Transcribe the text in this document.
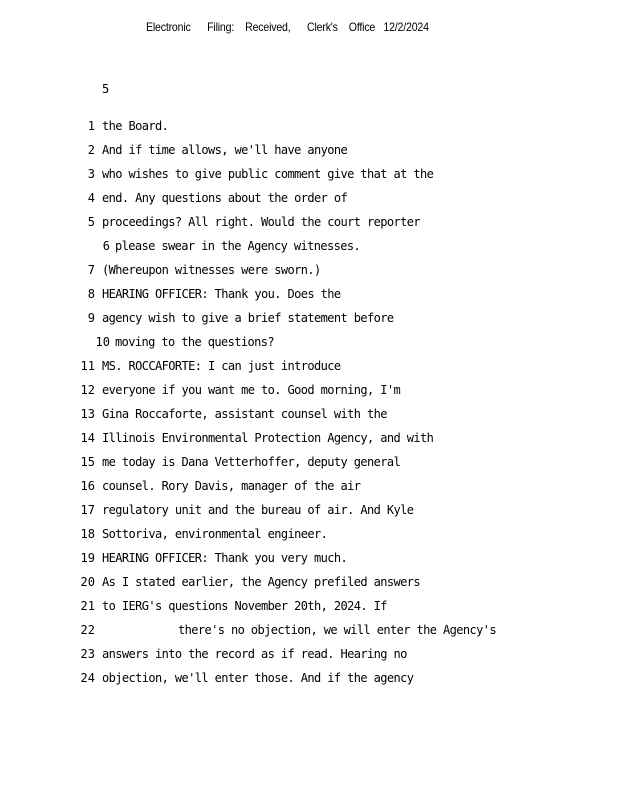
Electronic      Filing:    Received,      Clerk's    Office   12/2/2024
5
1 the Board.
2 And if time allows, we'll have anyone
3 who wishes to give public comment give that at the
4 end. Any questions about the order of
5 proceedings? All right. Would the court reporter
6 please swear in the Agency witnesses.
7 (Whereupon witnesses were sworn.)
8 HEARING OFFICER: Thank you. Does the
9 agency wish to give a brief statement before
10 moving to the questions?
11 MS. ROCCAFORTE: I can just introduce
12 everyone if you want me to. Good morning, I'm
13 Gina Roccaforte, assistant counsel with the
14 Illinois Environmental Protection Agency, and with
15 me today is Dana Vetterhoffer, deputy general
16 counsel. Rory Davis, manager of the air
17 regulatory unit and the bureau of air. And Kyle
18 Sottoriva, environmental engineer.
19 HEARING OFFICER: Thank you very much.
20 As I stated earlier, the Agency prefiled answers
21 to IERG's questions November 20th, 2024. If
22	there's no objection, we will enter the Agency's
23 answers into the record as if read. Hearing no
24 objection, we'll enter those. And if the agency
